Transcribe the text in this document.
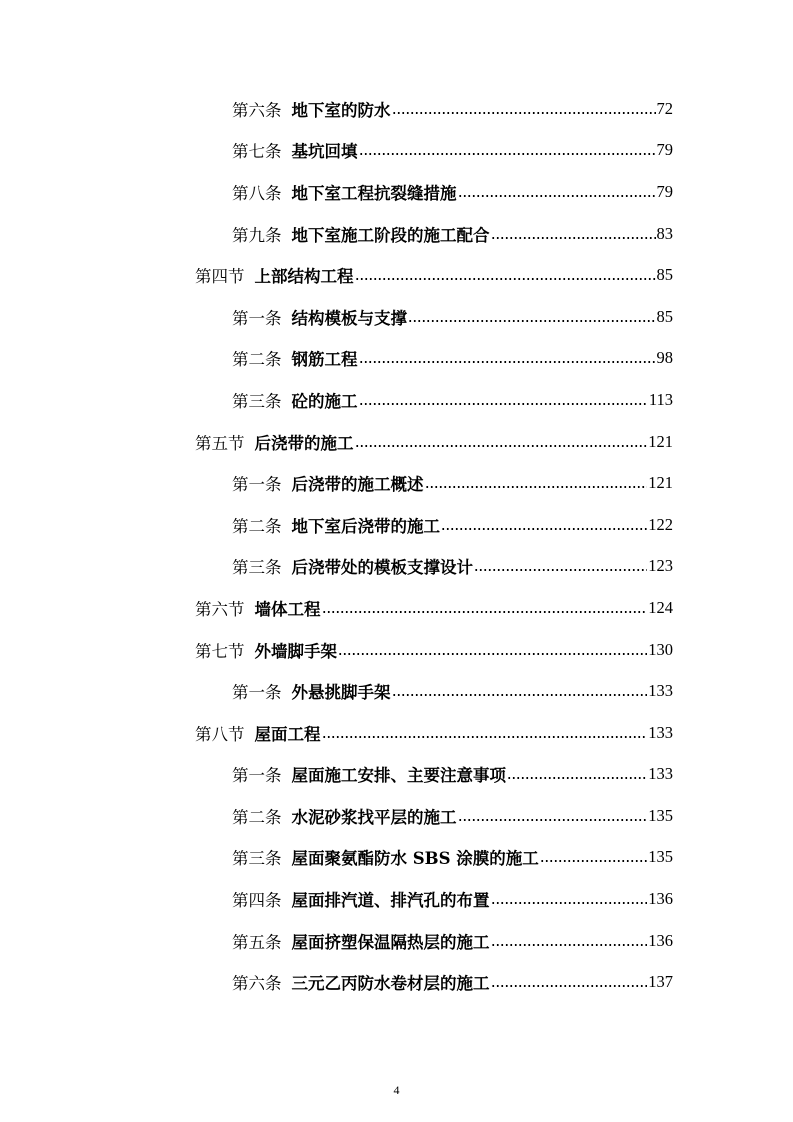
第六条 地下室的防水	72
第七条 基坑回填	79
第八条 地下室工程抗裂缝措施	79
第九条 地下室施工阶段的施工配合	83
第四节 上部结构工程	85
第一条 结构模板与支撑	85
第二条 钢筋工程	98
第三条 砼的施工	113
第五节 后浇带的施工	121
第一条 后浇带的施工概述	121
第二条 地下室后浇带的施工	122
第三条 后浇带处的模板支撑设计	123
第六节 墙体工程	124
第七节 外墙脚手架	130
第一条 外悬挑脚手架	133
第八节 屋面工程	133
第一条 屋面施工安排、主要注意事项	133
第二条 水泥砂浆找平层的施工	135
第三条 屋面聚氨酯防水 SBS 涂膜的施工	135
第四条 屋面排汽道、排汽孔的布置	136
第五条 屋面挤塑保温隔热层的施工	136
第六条 三元乙丙防水卷材层的施工	137
4
